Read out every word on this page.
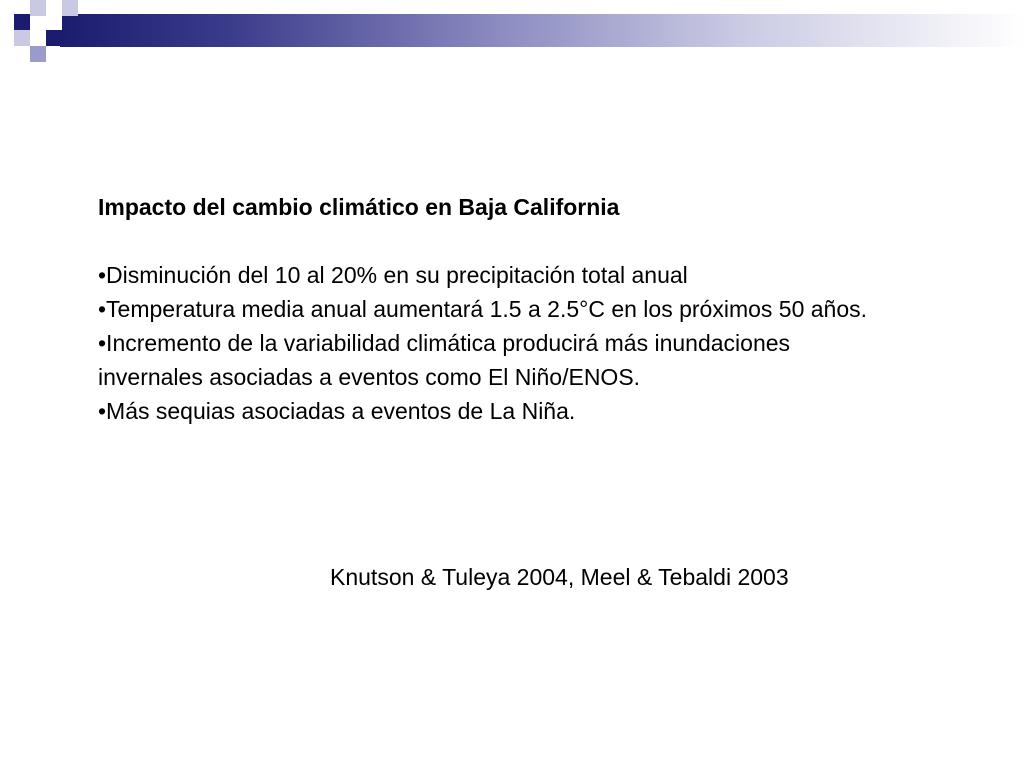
Impacto del cambio climático en Baja California

•Disminución del 10 al 20% en su precipitación total anual

•Temperatura media anual aumentará 1.5 a 2.5°C en los próximos 50 años.

•Incremento de la variabilidad climática producirá más inundaciones invernales asociadas a eventos como El Niño/ENOS.

•Más sequias asociadas a eventos de La Niña.

Knutson & Tuleya 2004, Meel & Tebaldi 2003
